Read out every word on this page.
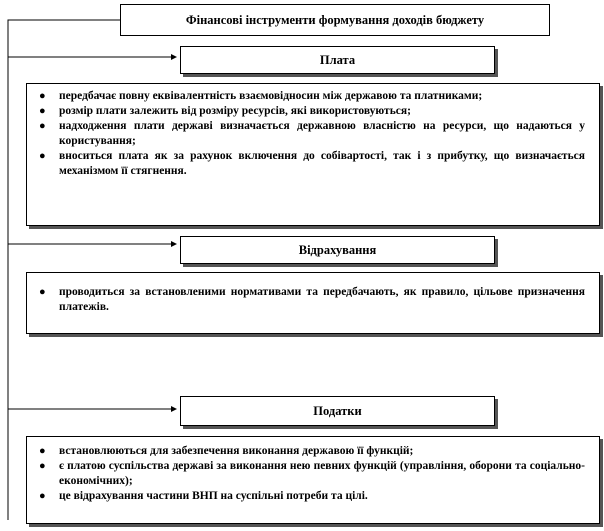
Фінансові інструменти формування доходів бюджету
Плата
●	передбачає повну еквівалентність взаємовідносин між державою та платниками;
●	розмір плати залежить від розміру ресурсів, які використовуються;
●	надходження плати державі визначається державною власністю на ресурси, що надаються у користування;
●	вноситься плата як за рахунок включення до собівартості, так і з прибутку, що визначається механізмом її стягнення.
Відрахування
●	проводиться за встановленими нормативами та передбачають, як правило, цільове призначення платежів.
Податки
●	встановлюються для забезпечення виконання державою її функцій;
●	є платою суспільства державі за виконання нею певних функцій (управління, оборони та соціально-економічних);
●	це відрахування частини ВНП на суспільні потреби та цілі.
